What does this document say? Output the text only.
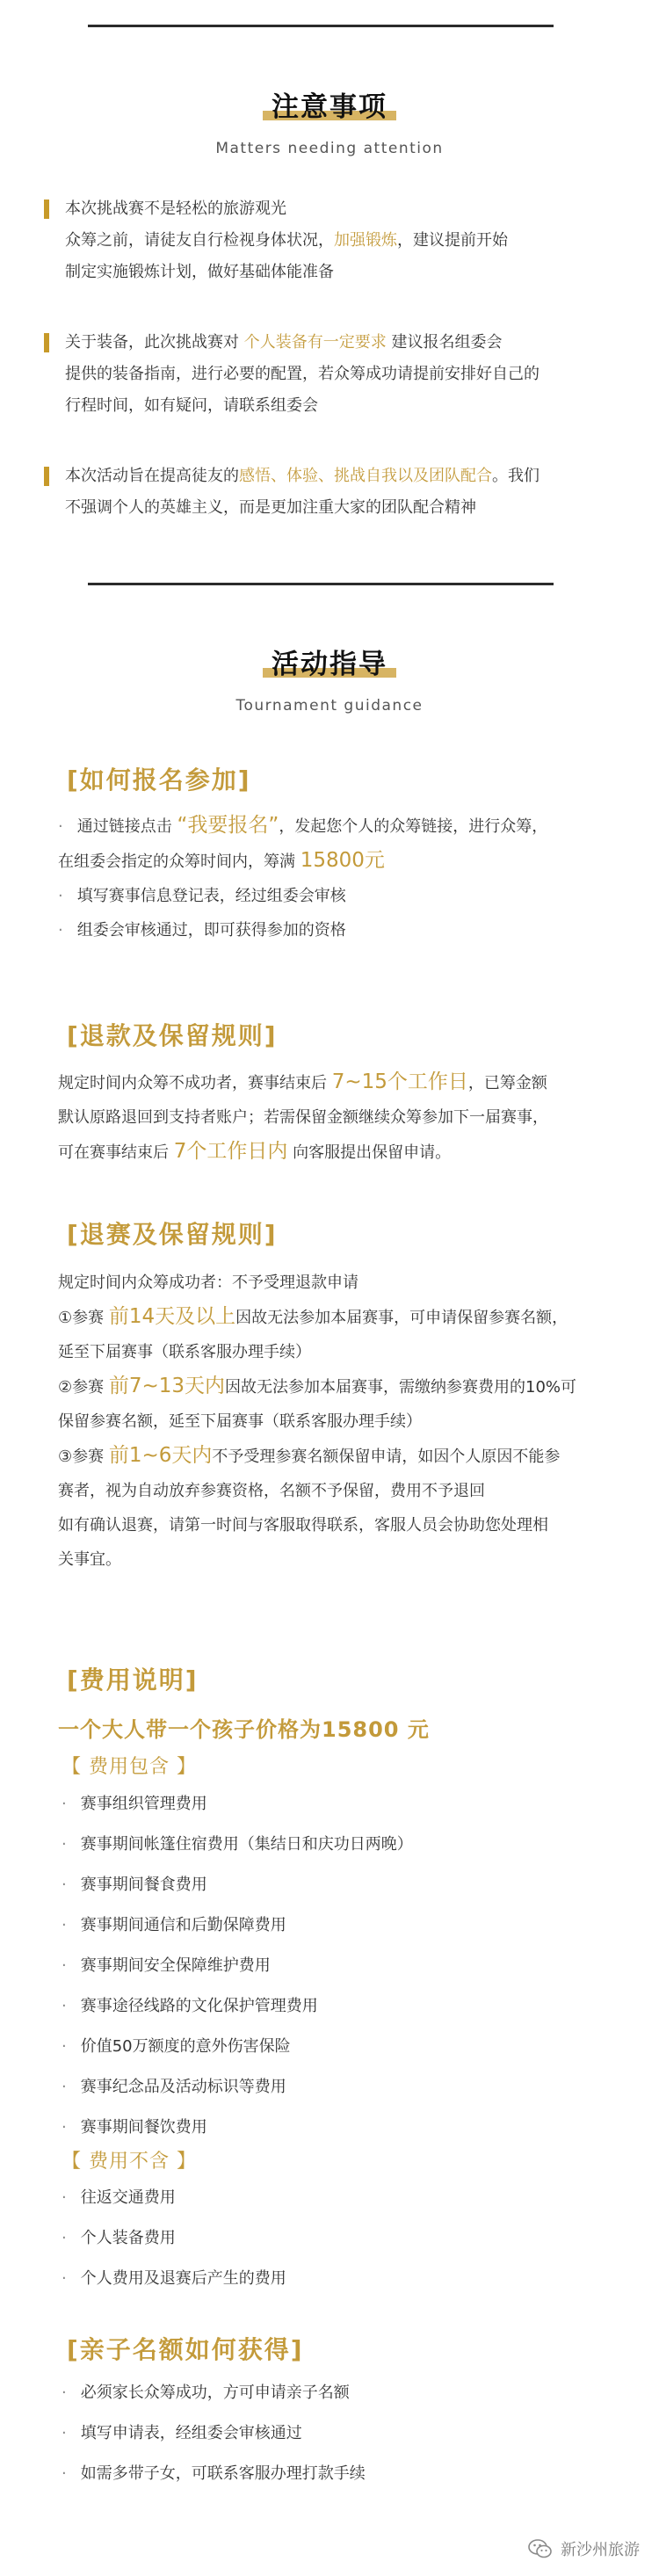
注意事项
Matters needing attention
本次挑战赛不是轻松的旅游观光
众筹之前，请徒友自行检视身体状况，加强锻炼，建议提前开始
制定实施锻炼计划，做好基础体能准备
关于装备，此次挑战赛对 个人装备有一定要求 建议报名组委会
提供的装备指南，进行必要的配置，若众筹成功请提前安排好自己的
行程时间，如有疑问，请联系组委会
本次活动旨在提高徒友的感悟、体验、挑战自我以及团队配合。我们
不强调个人的英雄主义，而是更加注重大家的团队配合精神
活动指导
Tournament guidance
[如何报名参加]
· 通过链接点击 “我要报名”，发起您个人的众筹链接，进行众筹，
在组委会指定的众筹时间内，筹满 15800元
· 填写赛事信息登记表，经过组委会审核
· 组委会审核通过，即可获得参加的资格
[退款及保留规则]
规定时间内众筹不成功者，赛事结束后 7~15个工作日，已筹金额
默认原路退回到支持者账户；若需保留金额继续众筹参加下一届赛事，
可在赛事结束后 7个工作日内 向客服提出保留申请。
[退赛及保留规则]
规定时间内众筹成功者：不予受理退款申请
①参赛 前14天及以上因故无法参加本届赛事，可申请保留参赛名额，
延至下届赛事（联系客服办理手续）
②参赛 前7~13天内因故无法参加本届赛事，需缴纳参赛费用的10%可
保留参赛名额，延至下届赛事（联系客服办理手续）
③参赛 前1~6天内不予受理参赛名额保留申请，如因个人原因不能参
赛者，视为自动放弃参赛资格，名额不予保留，费用不予退回
如有确认退赛，请第一时间与客服取得联系，客服人员会协助您处理相
关事宜。
[费用说明]
一个大人带一个孩子价格为15800 元
【 费用包含 】
· 赛事组织管理费用
· 赛事期间帐篷住宿费用（集结日和庆功日两晚）
· 赛事期间餐食费用
· 赛事期间通信和后勤保障费用
· 赛事期间安全保障维护费用
· 赛事途径线路的文化保护管理费用
· 价值50万额度的意外伤害保险
· 赛事纪念品及活动标识等费用
· 赛事期间餐饮费用
【 费用不含 】
· 往返交通费用
· 个人装备费用
· 个人费用及退赛后产生的费用
[亲子名额如何获得]
· 必须家长众筹成功，方可申请亲子名额
· 填写申请表，经组委会审核通过
· 如需多带子女，可联系客服办理打款手续
新沙州旅游
